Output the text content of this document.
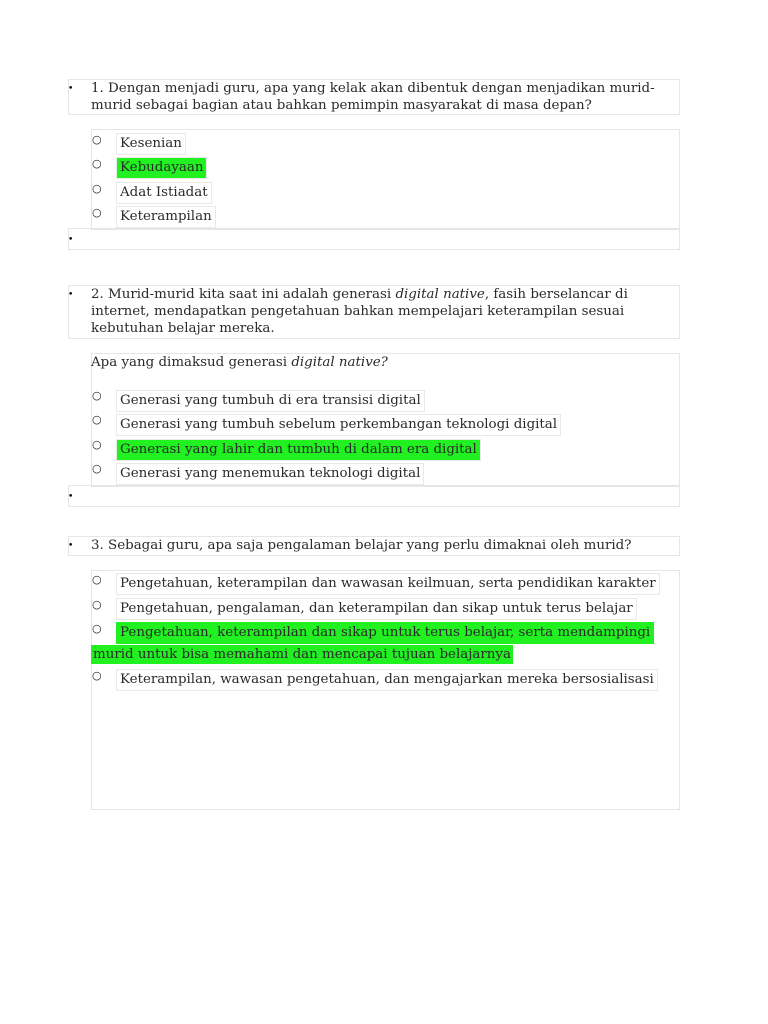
• 1. Dengan menjadi guru, apa yang kelak akan dibentuk dengan menjadikan murid-murid sebagai bagian atau bahkan pemimpin masyarakat di masa depan?
○ Kesenian
○ Kebudayaan
○ Adat Istiadat
○ Keterampilan
•
• 2. Murid-murid kita saat ini adalah generasi digital native, fasih berselancar di internet, mendapatkan pengetahuan bahkan mempelajari keterampilan sesuai kebutuhan belajar mereka.
Apa yang dimaksud generasi digital native?
○ Generasi yang tumbuh di era transisi digital
○ Generasi yang tumbuh sebelum perkembangan teknologi digital
○ Generasi yang lahir dan tumbuh di dalam era digital
○ Generasi yang menemukan teknologi digital
•
• 3. Sebagai guru, apa saja pengalaman belajar yang perlu dimaknai oleh murid?
○ Pengetahuan, keterampilan dan wawasan keilmuan, serta pendidikan karakter
○ Pengetahuan, pengalaman, dan keterampilan dan sikap untuk terus belajar
○ Pengetahuan, keterampilan dan sikap untuk terus belajar, serta mendampingi
murid untuk bisa memahami dan mencapai tujuan belajarnya
○ Keterampilan, wawasan pengetahuan, dan mengajarkan mereka bersosialisasi
